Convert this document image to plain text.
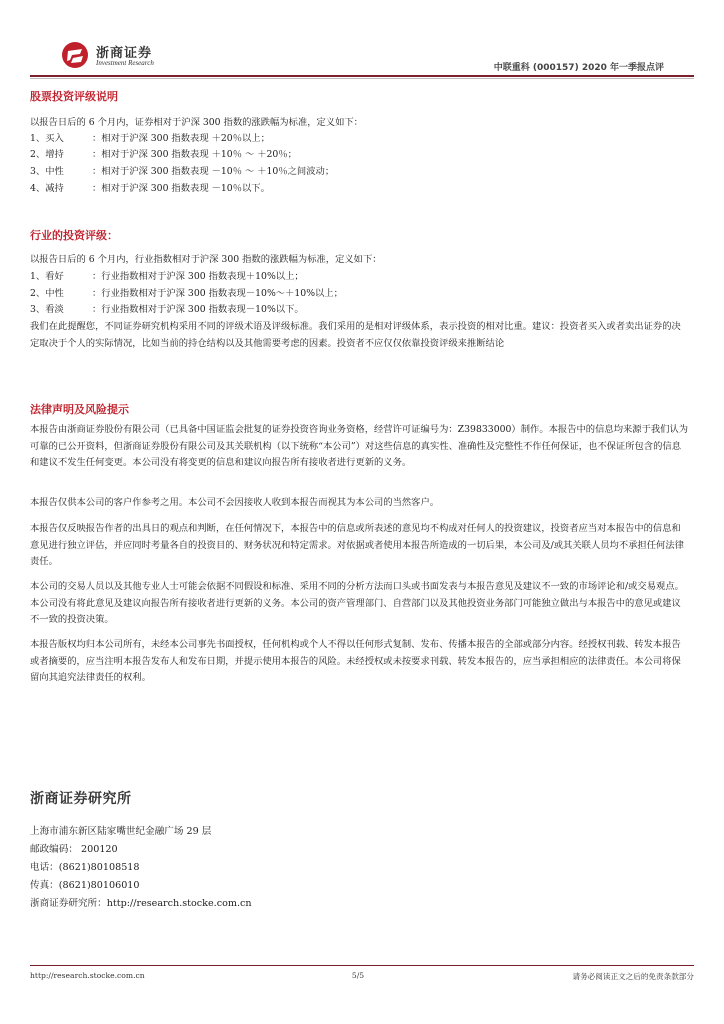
浙商证券
Investment Research	中联重科 (000157) 2020 年一季报点评
股票投资评级说明
以报告日后的 6 个月内，证券相对于沪深 300 指数的涨跌幅为标准，定义如下：
1、买入	：相对于沪深 300 指数表现 ＋20％以上；
2、增持	：相对于沪深 300 指数表现 ＋10％ ～ ＋20％；
3、中性	：相对于沪深 300 指数表现 －10％ ～ ＋10％之间波动；
4、减持	：相对于沪深 300 指数表现 －10％以下。
行业的投资评级：
以报告日后的 6 个月内，行业指数相对于沪深 300 指数的涨跌幅为标准，定义如下：
1、看好	：行业指数相对于沪深 300 指数表现＋10%以上；
2、中性	：行业指数相对于沪深 300 指数表现－10%～＋10%以上；
3、看淡	：行业指数相对于沪深 300 指数表现－10%以下。
我们在此提醒您，不同证券研究机构采用不同的评级术语及评级标准。我们采用的是相对评级体系，表示投资的相对比重。建议：投资者买入或者卖出证券的决定取决于个人的实际情况，比如当前的持仓结构以及其他需要考虑的因素。投资者不应仅仅依靠投资评级来推断结论
法律声明及风险提示
本报告由浙商证券股份有限公司（已具备中国证监会批复的证券投资咨询业务资格，经营许可证编号为：Z39833000）制作。本报告中的信息均来源于我们认为可靠的已公开资料，但浙商证券股份有限公司及其关联机构（以下统称“本公司”）对这些信息的真实性、准确性及完整性不作任何保证，也不保证所包含的信息和建议不发生任何变更。本公司没有将变更的信息和建议向报告所有接收者进行更新的义务。
本报告仅供本公司的客户作参考之用。本公司不会因接收人收到本报告而视其为本公司的当然客户。
本报告仅反映报告作者的出具日的观点和判断，在任何情况下，本报告中的信息或所表述的意见均不构成对任何人的投资建议，投资者应当对本报告中的信息和意见进行独立评估，并应同时考量各自的投资目的、财务状况和特定需求。对依据或者使用本报告所造成的一切后果，本公司及/或其关联人员均不承担任何法律责任。
本公司的交易人员以及其他专业人士可能会依据不同假设和标准、采用不同的分析方法而口头或书面发表与本报告意见及建议不一致的市场评论和/或交易观点。本公司没有将此意见及建议向报告所有接收者进行更新的义务。本公司的资产管理部门、自营部门以及其他投资业务部门可能独立做出与本报告中的意见或建议不一致的投资决策。
本报告版权均归本公司所有，未经本公司事先书面授权，任何机构或个人不得以任何形式复制、发布、传播本报告的全部或部分内容。经授权刊载、转发本报告或者摘要的，应当注明本报告发布人和发布日期，并提示使用本报告的风险。未经授权或未按要求刊载、转发本报告的，应当承担相应的法律责任。本公司将保留向其追究法律责任的权利。
浙商证券研究所
上海市浦东新区陆家嘴世纪金融广场 29 层
邮政编码： 200120
电话：(8621)80108518
传真：(8621)80106010
浙商证券研究所：http://research.stocke.com.cn
http://research.stocke.com.cn	5/5	请务必阅读正文之后的免责条款部分
